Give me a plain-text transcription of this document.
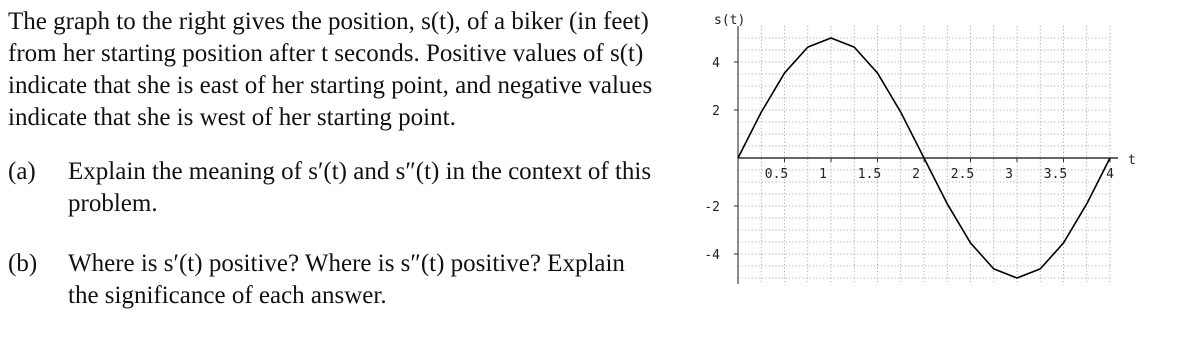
The graph to the right gives the position, s(t), of a biker (in feet) from her starting position after t seconds. Positive values of s(t) indicate that she is east of her starting point, and negative values indicate that she is west of her starting point.

(a)	Explain the meaning of s′(t) and s″(t) in the context of this problem.
(b)	Where is s′(t) positive? Where is s″(t) positive? Explain the significance of each answer.
0.5 1 1.5 2 2.5 3 3.5	4
4
2
-2
-4
s(t)
t
